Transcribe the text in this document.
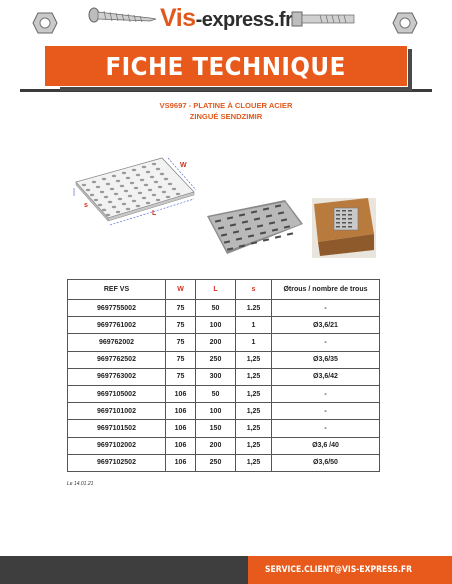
Vis-express.fr
FICHE TECHNIQUE
VS9697 - PLATINE À CLOUER ACIER
ZINGUÉ SENDZIMIR
W
s
L
REF VS	W	L	s	Øtrous / nombre de trous
9697755002	75	50	1.25	-
9697761002	75	100	1	Ø3,6/21
969762002	75	200	1	-
9697762502	75	250	1,25	Ø3,6/35
9697763002	75	300	1,25	Ø3,6/42
9697105002	106	50	1,25	-
9697101002	106	100	1,25	-
9697101502	106	150	1,25	-
9697102002	106	200	1,25	Ø3,6 /40
9697102502	106	250	1,25	Ø3,6/50
Le 14.01.21
SERVICE.CLIENT@VIS-EXPRESS.FR
